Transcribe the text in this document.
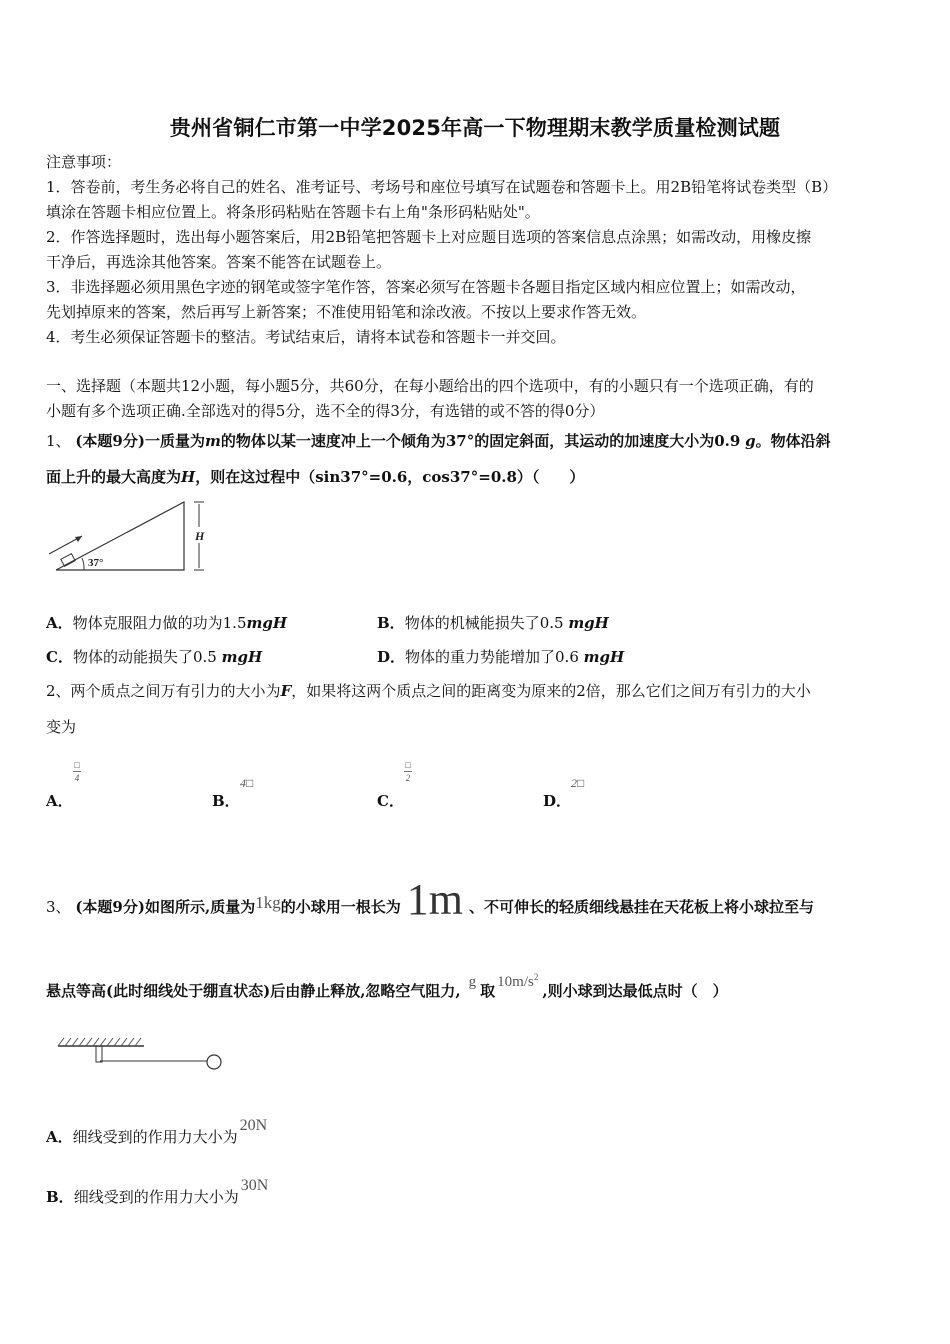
贵州省铜仁市第一中学2025年高一下物理期末教学质量检测试题
注意事项：
1．答卷前，考生务必将自己的姓名、准考证号、考场号和座位号填写在试题卷和答题卡上。用2B铅笔将试卷类型（B）
填涂在答题卡相应位置上。将条形码粘贴在答题卡右上角"条形码粘贴处"。
2．作答选择题时，选出每小题答案后，用2B铅笔把答题卡上对应题目选项的答案信息点涂黑；如需改动，用橡皮擦
干净后，再选涂其他答案。答案不能答在试题卷上。
3．非选择题必须用黑色字迹的钢笔或签字笔作答，答案必须写在答题卡各题目指定区域内相应位置上；如需改动，
先划掉原来的答案，然后再写上新答案；不准使用铅笔和涂改液。不按以上要求作答无效。
4．考生必须保证答题卡的整洁。考试结束后，请将本试卷和答题卡一并交回。
一、选择题（本题共12小题，每小题5分，共60分，在每小题给出的四个选项中，有的小题只有一个选项正确，有的
小题有多个选项正确.全部选对的得5分，选不全的得3分，有选错的或不答的得0分）
1、 (本题9分)一质量为m的物体以某一速度冲上一个倾角为37°的固定斜面，其运动的加速度大小为0.9 g。物体沿斜
面上升的最大高度为H，则在这过程中（sin37°=0.6，cos37°=0.8）（　　）
37°
H
A．物体克服阻力做的功为1.5mgH	B．物体的机械能损失了0.5 mgH
C．物体的动能损失了0.5 mgH	D．物体的重力势能增加了0.6 mgH
2、两个质点之间万有引力的大小为F，如果将这两个质点之间的距离变为原来的2倍，那么它们之间万有引力的大小
变为
A．
□
4
B．
4□
C．
□
2
D．
2□
3、 (本题9分)如图所示,质量为1kg的小球用一根长为 1m 、不可伸长的轻质细线悬挂在天花板上将小球拉至与
悬点等高(此时细线处于绷直状态)后由静止释放,忽略空气阻力, g 取 $10m/s^2$,则小球到达最低点时（　）
A．细线受到的作用力大小为20N
B．细线受到的作用力大小为30N
